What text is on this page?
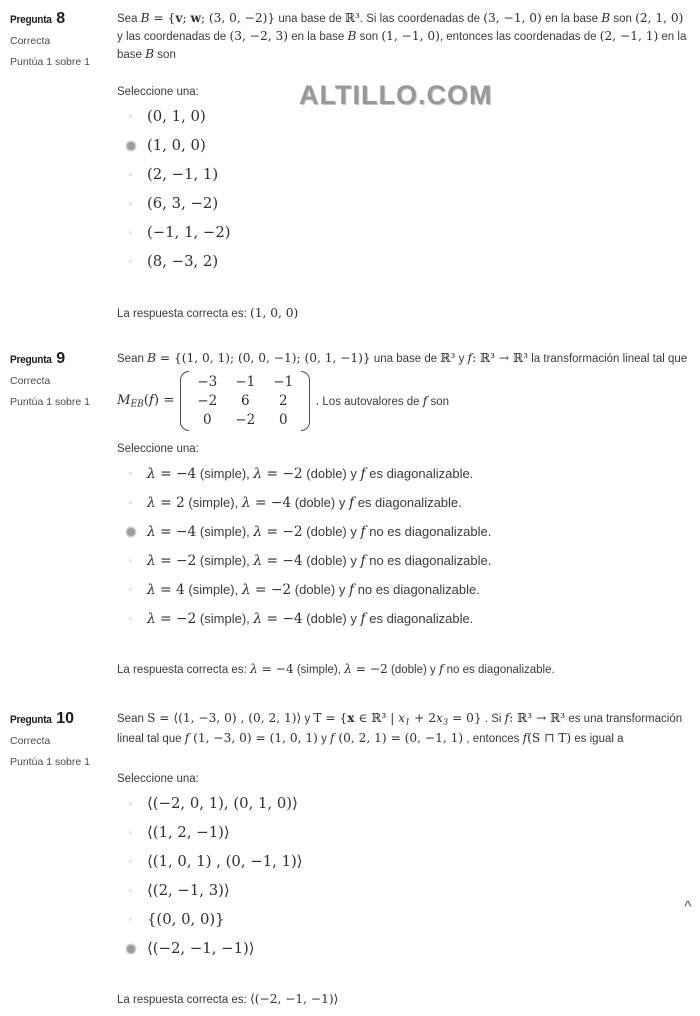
ALTILLO.COM
Pregunta 8
Correcta
Puntúa 1 sobre 1
Sea B = {v; w; (3, 0, −2)} una base de ℝ³. Si las coordenadas de (3, −1, 0) en la base B son (2, 1, 0) y las coordenadas de (3, −2, 3) en la base B son (1, −1, 0), entonces las coordenadas de (2, −1, 1) en la base B son
Seleccione una:
(0, 1, 0)
(1, 0, 0)
(2, −1, 1)
(6, 3, −2)
(−1, 1, −2)
(8, −3, 2)
La respuesta correcta es: (1, 0, 0)
Pregunta 9
Correcta
Puntúa 1 sobre 1
Sean B = {(1, 0, 1); (0, 0, −1); (0, 1, −1)} una base de ℝ³ y f: ℝ³ → ℝ³ la transformación lineal tal que
$M_{EB}(f)$ =
−3 −1 −1
−2	6	2
0	−2	0
. Los autovalores de f son
Seleccione una:
λ = −4 (simple), λ = −2 (doble) y f es diagonalizable.
λ = 2 (simple), λ = −4 (doble) y f es diagonalizable.
λ = −4 (simple), λ = −2 (doble) y f no es diagonalizable.
λ = −2 (simple), λ = −4 (doble) y f no es diagonalizable.
λ = 4 (simple), λ = −2 (doble) y f no es diagonalizable.
λ = −2 (simple), λ = −4 (doble) y f es diagonalizable.
La respuesta correcta es: λ = −4 (simple), λ = −2 (doble) y f no es diagonalizable.
Pregunta 10
Correcta
Puntúa 1 sobre 1
Sean S = ⟨(1, −3, 0) , (0, 2, 1)⟩ y T = {x ∈ ℝ³ | $x_1 + 2x_3 = 0$} . Si f: ℝ³ → ℝ³ es una transformación lineal tal que f (1, −3, 0) = (1, 0, 1) y f (0, 2, 1) = (0, −1, 1) , entonces f(S ⊓ T) es igual a
Seleccione una:
⟨(−2, 0, 1), (0, 1, 0)⟩
⟨(1, 2, −1)⟩
⟨(1, 0, 1) , (0, −1, 1)⟩
⟨(2, −1, 3)⟩
{(0, 0, 0)}
⟨(−2, −1, −1)⟩
La respuesta correcta es: ⟨(−2, −1, −1)⟩
^
